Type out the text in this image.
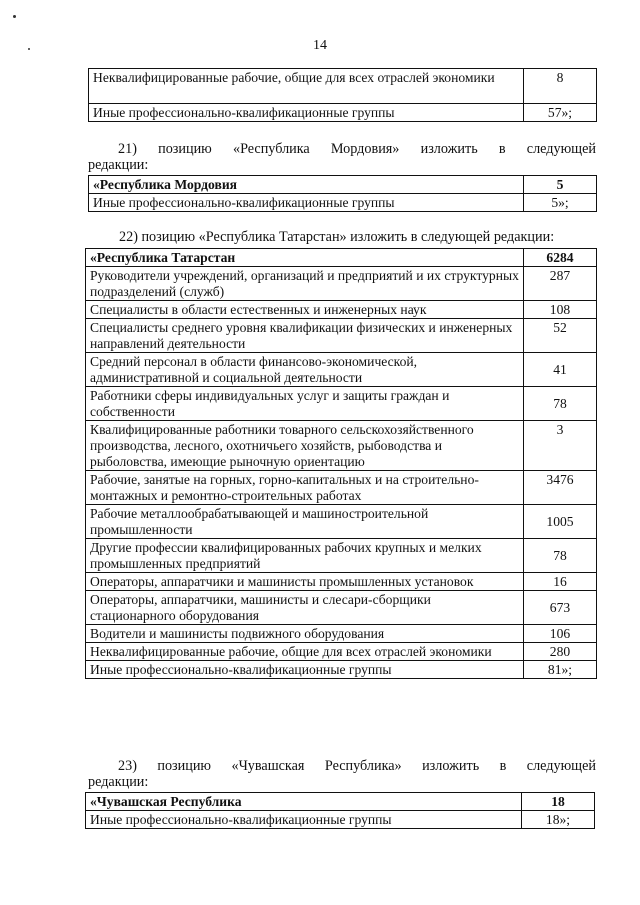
14
Неквалифицированные рабочие, общие для всех отраслей экономики	8
Иные профессионально-квалификационные группы	57»;
21) позицию «Республика Мордовия» изложить в следующей
редакции:
«Республика Мордовия	5
Иные профессионально-квалификационные группы	5»;
22) позицию «Республика Татарстан» изложить в следующей редакции:
«Республика Татарстан	6284
Руководители учреждений, организаций и предприятий и их структурных подразделений (служб)	287
Специалисты в области естественных и инженерных наук	108
Специалисты среднего уровня квалификации физических и инженерных направлений деятельности	52
Средний персонал в области финансово-экономической, административной и социальной деятельности	41
Работники сферы индивидуальных услуг и защиты граждан и собственности	78
Квалифицированные работники товарного сельскохозяйственного производства, лесного, охотничьего хозяйств, рыбоводства и рыболовства, имеющие рыночную ориентацию	3
Рабочие, занятые на горных, горно-капитальных и на строительно-монтажных и ремонтно-строительных работах	3476
Рабочие металлообрабатывающей и машиностроительной промышленности	1005
Другие профессии квалифицированных рабочих крупных и мелких промышленных предприятий	78
Операторы, аппаратчики и машинисты промышленных установок	16
Операторы, аппаратчики, машинисты и слесари-сборщики стационарного оборудования	673
Водители и машинисты подвижного оборудования	106
Неквалифицированные рабочие, общие для всех отраслей экономики	280
Иные профессионально-квалификационные группы	81»;
23) позицию «Чувашская Республика» изложить в следующей
редакции:
«Чувашская Республика	18
Иные профессионально-квалификационные группы	18»;
